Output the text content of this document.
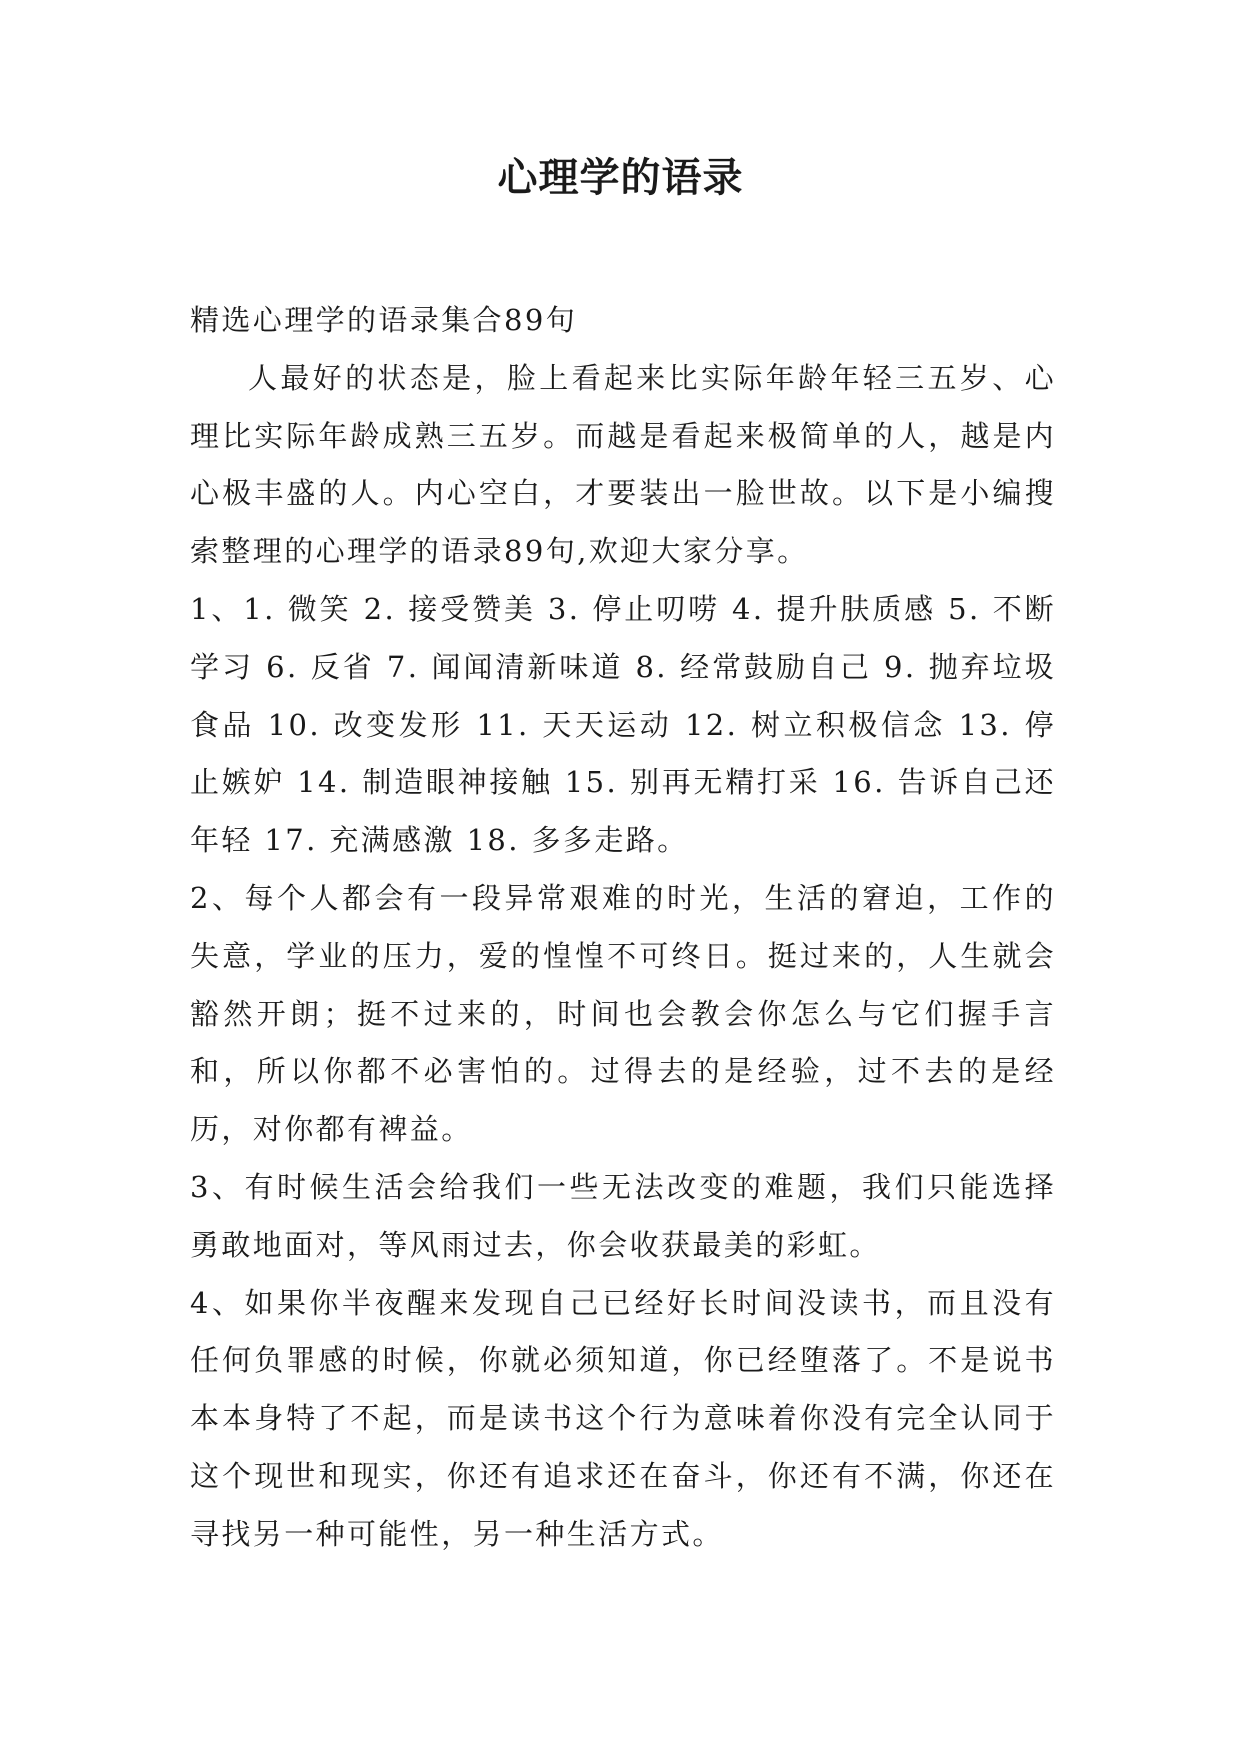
心理学的语录

精选心理学的语录集合89句

人最好的状态是，脸上看起来比实际年龄年轻三五岁、心理比实际年龄成熟三五岁。而越是看起来极简单的人，越是内心极丰盛的人。内心空白，才要装出一脸世故。以下是小编搜索整理的心理学的语录89句,欢迎大家分享。

1、1. 微笑 2. 接受赞美 3. 停止叨唠 4. 提升肤质感 5. 不断学习 6. 反省 7. 闻闻清新味道 8. 经常鼓励自己 9. 抛弃垃圾食品 10. 改变发形 11. 天天运动 12. 树立积极信念 13. 停止嫉妒 14. 制造眼神接触 15. 别再无精打采 16. 告诉自己还年轻 17. 充满感激 18. 多多走路。

2、每个人都会有一段异常艰难的时光，生活的窘迫，工作的失意，学业的压力，爱的惶惶不可终日。挺过来的，人生就会豁然开朗；挺不过来的，时间也会教会你怎么与它们握手言和，所以你都不必害怕的。过得去的是经验，过不去的是经历，对你都有裨益。

3、有时候生活会给我们一些无法改变的难题，我们只能选择勇敢地面对，等风雨过去，你会收获最美的彩虹。

4、如果你半夜醒来发现自己已经好长时间没读书，而且没有任何负罪感的时候，你就必须知道，你已经堕落了。不是说书本本身特了不起，而是读书这个行为意味着你没有完全认同于这个现世和现实，你还有追求还在奋斗，你还有不满，你还在寻找另一种可能性，另一种生活方式。
